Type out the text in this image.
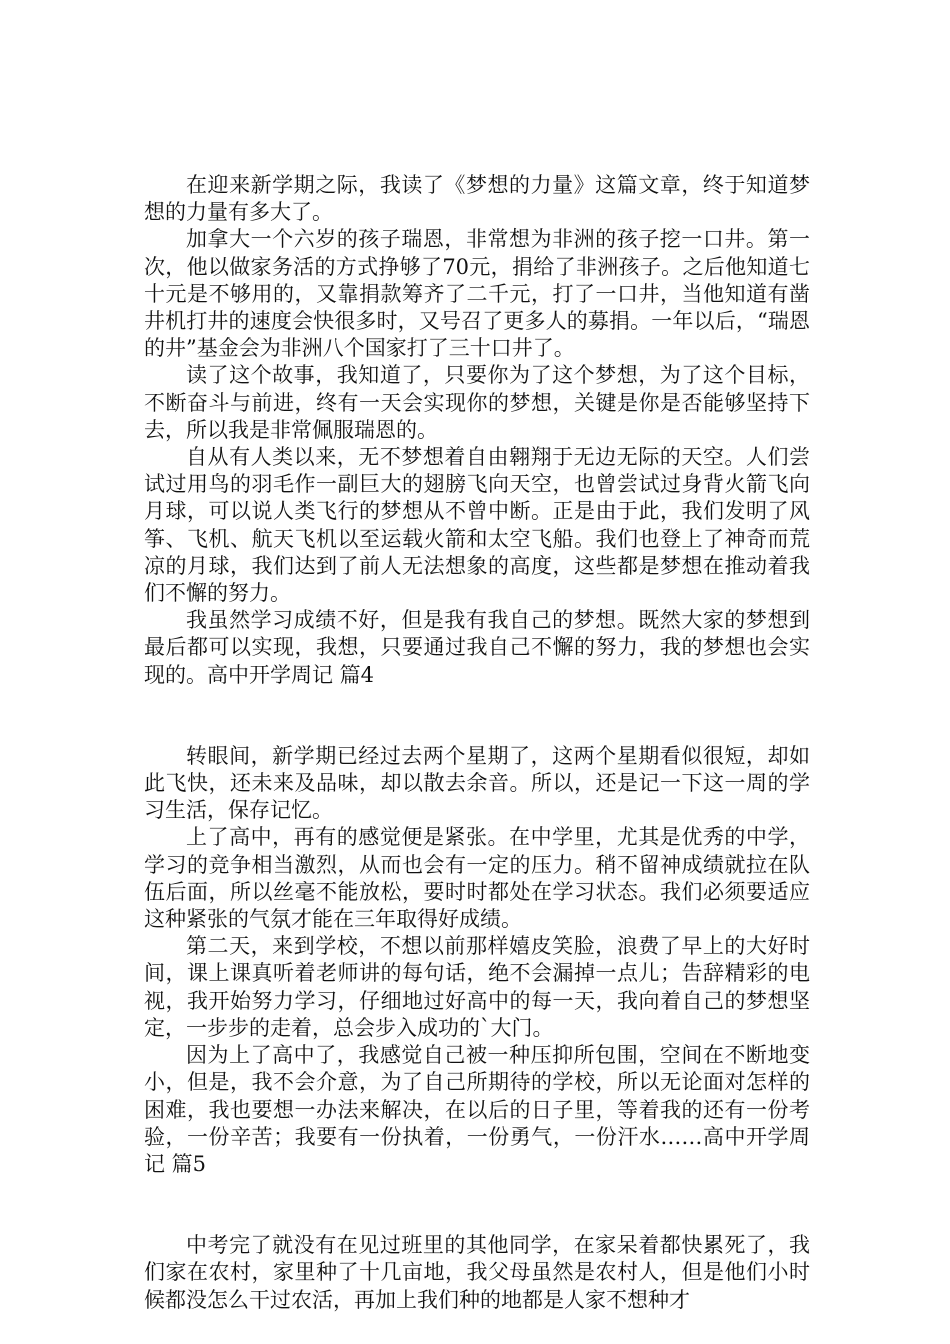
在迎来新学期之际，我读了《梦想的力量》这篇文章，终于知道梦想的力量有多大了。

加拿大一个六岁的孩子瑞恩，非常想为非洲的孩子挖一口井。第一次，他以做家务活的方式挣够了70元，捐给了非洲孩子。之后他知道七十元是不够用的，又靠捐款筹齐了二千元，打了一口井，当他知道有凿井机打井的速度会快很多时，又号召了更多人的募捐。一年以后，“瑞恩的井”基金会为非洲八个国家打了三十口井了。

读了这个故事，我知道了，只要你为了这个梦想，为了这个目标，不断奋斗与前进，终有一天会实现你的梦想，关键是你是否能够坚持下去，所以我是非常佩服瑞恩的。

自从有人类以来，无不梦想着自由翱翔于无边无际的天空。人们尝试过用鸟的羽毛作一副巨大的翅膀飞向天空，也曾尝试过身背火箭飞向月球，可以说人类飞行的梦想从不曾中断。正是由于此，我们发明了风筝、飞机、航天飞机以至运载火箭和太空飞船。我们也登上了神奇而荒凉的月球，我们达到了前人无法想象的高度，这些都是梦想在推动着我们不懈的努力。

我虽然学习成绩不好，但是我有我自己的梦想。既然大家的梦想到最后都可以实现，我想，只要通过我自己不懈的努力，我的梦想也会实现的。高中开学周记 篇4

转眼间，新学期已经过去两个星期了，这两个星期看似很短，却如此飞快，还未来及品味，却以散去余音。所以，还是记一下这一周的学习生活，保存记忆。

上了高中，再有的感觉便是紧张。在中学里，尤其是优秀的中学，学习的竞争相当激烈，从而也会有一定的压力。稍不留神成绩就拉在队伍后面，所以丝毫不能放松，要时时都处在学习状态。我们必须要适应这种紧张的气氛才能在三年取得好成绩。

第二天，来到学校，不想以前那样嬉皮笑脸，浪费了早上的大好时间，课上课真听着老师讲的每句话，绝不会漏掉一点儿；告辞精彩的电视，我开始努力学习，仔细地过好高中的每一天，我向着自己的梦想坚定，一步步的走着，总会步入成功的`大门。

因为上了高中了，我感觉自己被一种压抑所包围，空间在不断地变小，但是，我不会介意，为了自己所期待的学校，所以无论面对怎样的困难，我也要想一办法来解决，在以后的日子里，等着我的还有一份考验，一份辛苦；我要有一份执着，一份勇气，一份汗水……高中开学周记 篇5

中考完了就没有在见过班里的其他同学，在家呆着都快累死了，我们家在农村，家里种了十几亩地，我父母虽然是农村人，但是他们小时候都没怎么干过农活，再加上我们种的地都是人家不想种才
